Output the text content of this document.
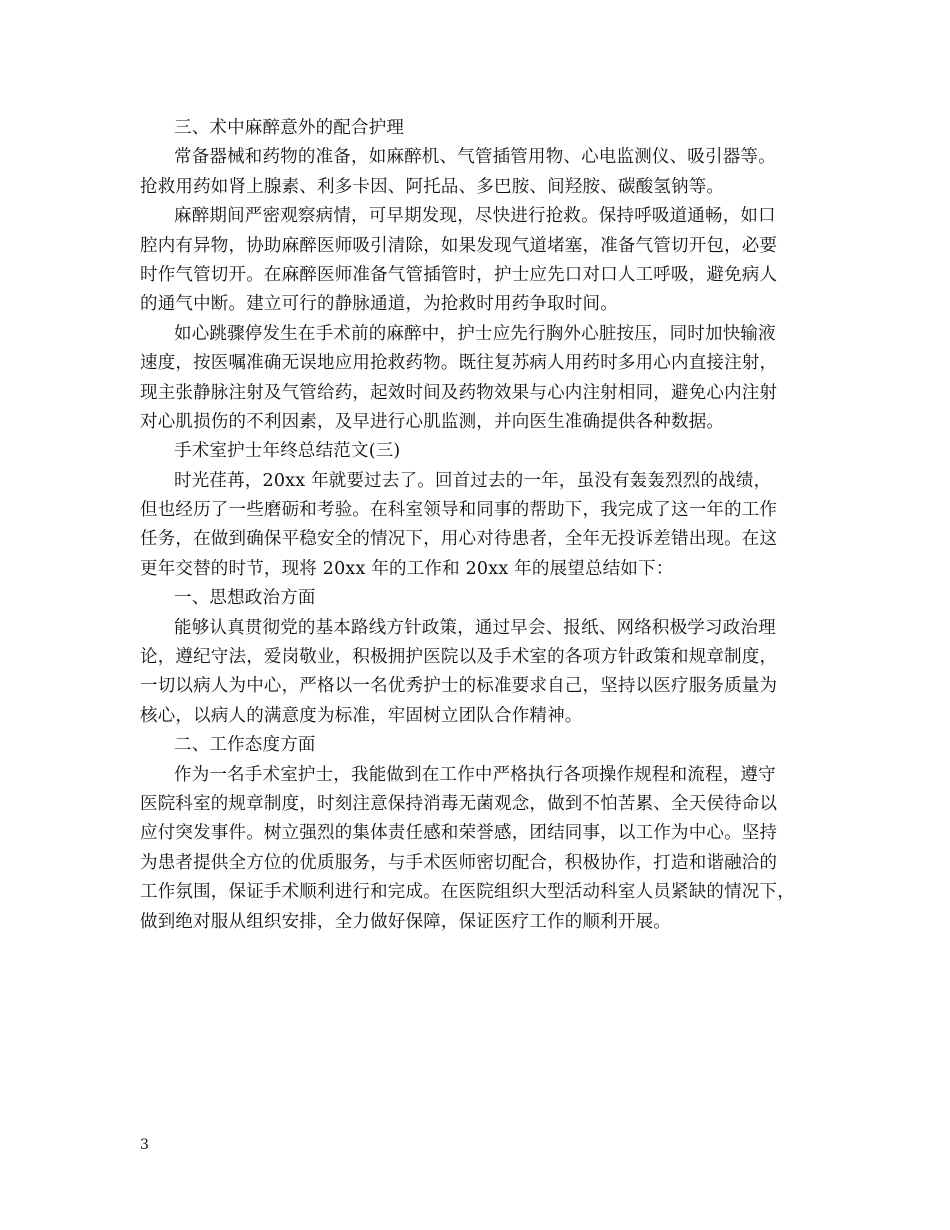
三、术中麻醉意外的配合护理
常备器械和药物的准备，如麻醉机、气管插管用物、心电监测仪、吸引器等。
抢救用药如肾上腺素、利多卡因、阿托品、多巴胺、间羟胺、碳酸氢钠等。
麻醉期间严密观察病情，可早期发现，尽快进行抢救。保持呼吸道通畅，如口
腔内有异物，协助麻醉医师吸引清除，如果发现气道堵塞，准备气管切开包，必要
时作气管切开。在麻醉医师准备气管插管时，护士应先口对口人工呼吸，避免病人
的通气中断。建立可行的静脉通道，为抢救时用药争取时间。
如心跳骤停发生在手术前的麻醉中，护士应先行胸外心脏按压，同时加快输液
速度，按医嘱准确无误地应用抢救药物。既往复苏病人用药时多用心内直接注射，
现主张静脉注射及气管给药，起效时间及药物效果与心内注射相同，避免心内注射
对心肌损伤的不利因素，及早进行心肌监测，并向医生准确提供各种数据。
手术室护士年终总结范文(三)
时光荏苒，20xx 年就要过去了。回首过去的一年，虽没有轰轰烈烈的战绩，
但也经历了一些磨砺和考验。在科室领导和同事的帮助下，我完成了这一年的工作
任务，在做到确保平稳安全的情况下，用心对待患者，全年无投诉差错出现。在这
更年交替的时节，现将 20xx 年的工作和 20xx 年的展望总结如下：
一、思想政治方面
能够认真贯彻党的基本路线方针政策，通过早会、报纸、网络积极学习政治理
论，遵纪守法，爱岗敬业，积极拥护医院以及手术室的各项方针政策和规章制度，
一切以病人为中心，严格以一名优秀护士的标准要求自己，坚持以医疗服务质量为
核心，以病人的满意度为标准，牢固树立团队合作精神。
二、工作态度方面
作为一名手术室护士，我能做到在工作中严格执行各项操作规程和流程，遵守
医院科室的规章制度，时刻注意保持消毒无菌观念，做到不怕苦累、全天侯待命以
应付突发事件。树立强烈的集体责任感和荣誉感，团结同事，以工作为中心。坚持
为患者提供全方位的优质服务，与手术医师密切配合，积极协作，打造和谐融洽的
工作氛围，保证手术顺利进行和完成。在医院组织大型活动科室人员紧缺的情况下，
做到绝对服从组织安排，全力做好保障，保证医疗工作的顺利开展。
3
